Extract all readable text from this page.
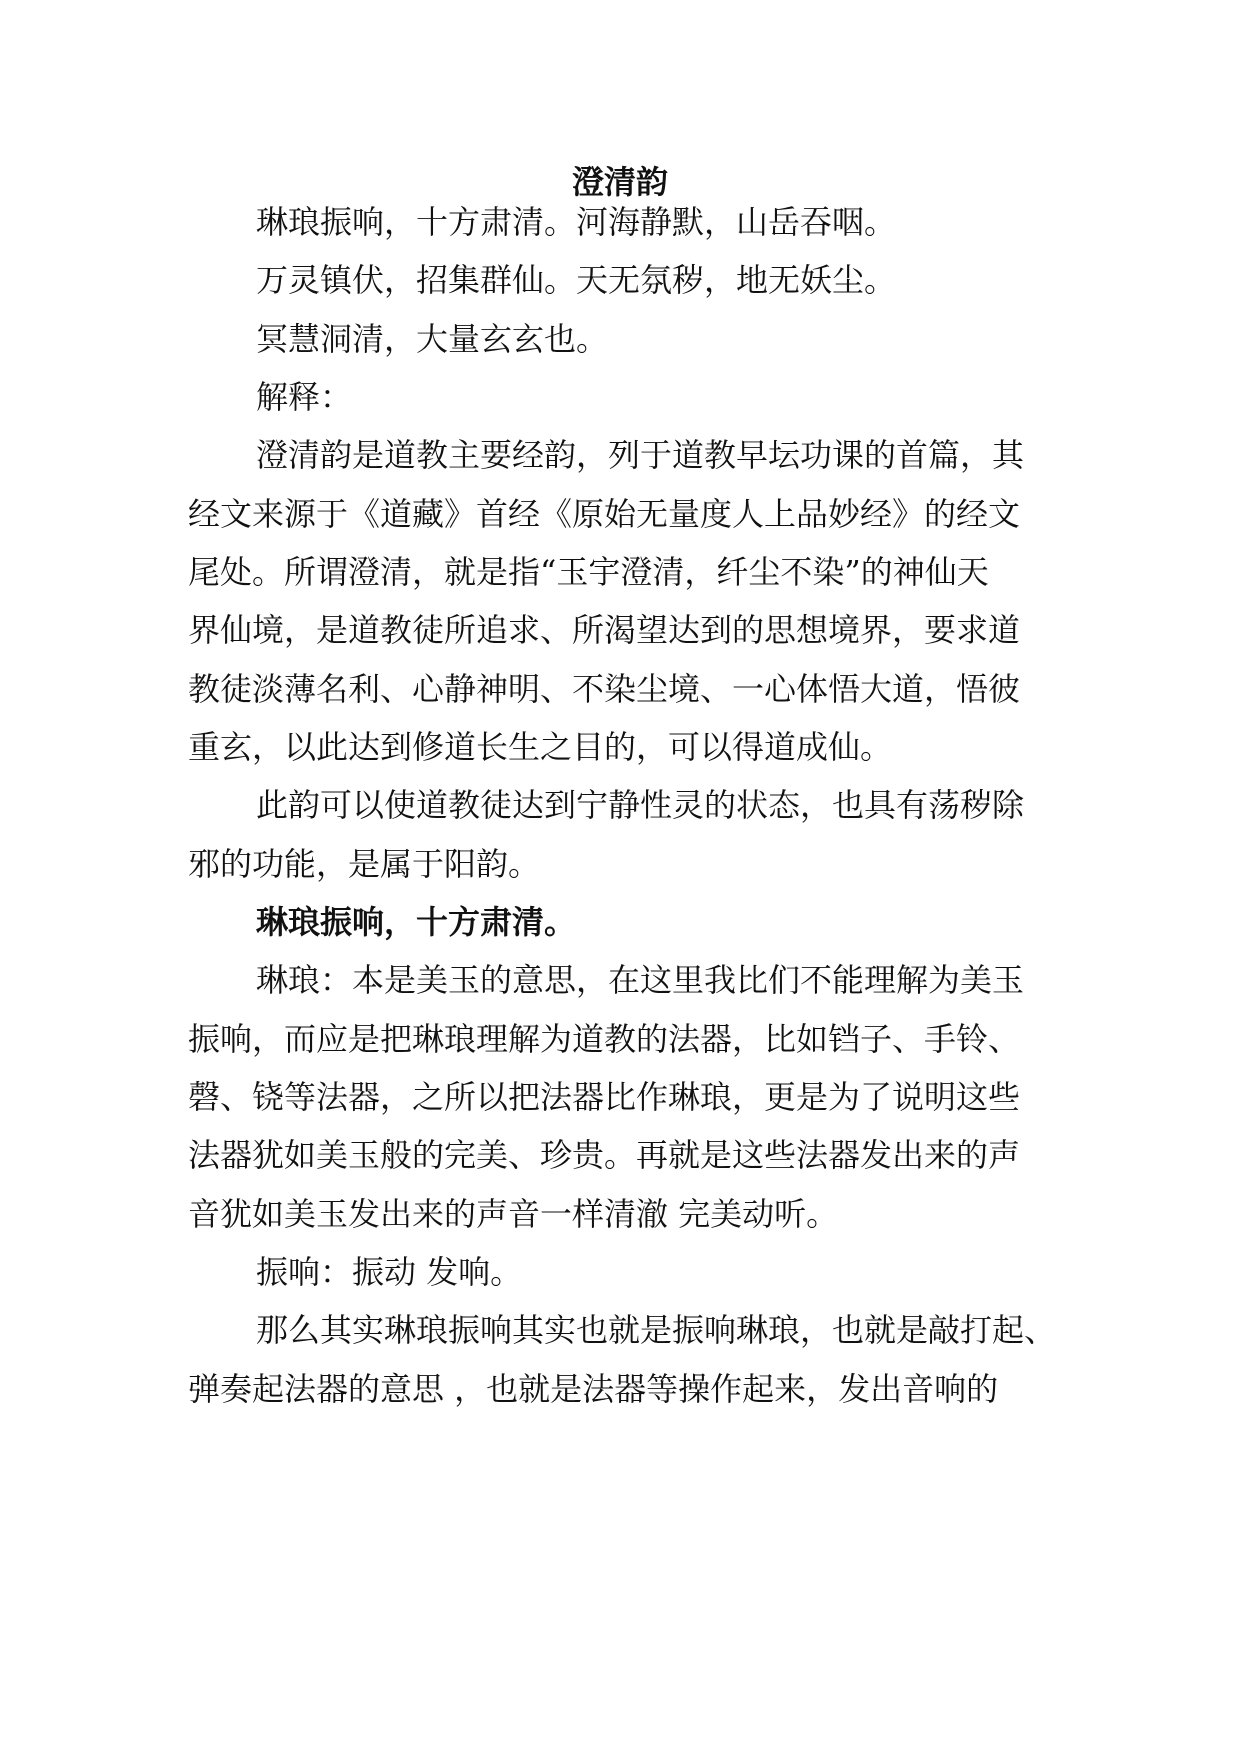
澄清韵
琳琅振响，十方肃清。河海静默，山岳吞咽。
万灵镇伏，招集群仙。天无氛秽，地无妖尘。
冥慧洞清，大量玄玄也。
解释：
澄清韵是道教主要经韵，列于道教早坛功课的首篇，其
经文来源于《道藏》首经《原始无量度人上品妙经》的经文
尾处。所谓澄清，就是指“玉宇澄清，纤尘不染”的神仙天
界仙境，是道教徒所追求、所渴望达到的思想境界，要求道
教徒淡薄名利、心静神明、不染尘境、一心体悟大道，悟彼
重玄，以此达到修道长生之目的，可以得道成仙。
此韵可以使道教徒达到宁静性灵的状态，也具有荡秽除
邪的功能，是属于阳韵。
琳琅振响，十方肃清。
琳琅：本是美玉的意思，在这里我比们不能理解为美玉
振响，而应是把琳琅理解为道教的法器，比如铛子、手铃、
磬、铙等法器，之所以把法器比作琳琅，更是为了说明这些
法器犹如美玉般的完美、珍贵。再就是这些法器发出来的声
音犹如美玉发出来的声音一样清澈 完美动听。
振响：振动 发响。
那么其实琳琅振响其实也就是振响琳琅，也就是敲打起、
弹奏起法器的意思 ，也就是法器等操作起来，发出音响的
